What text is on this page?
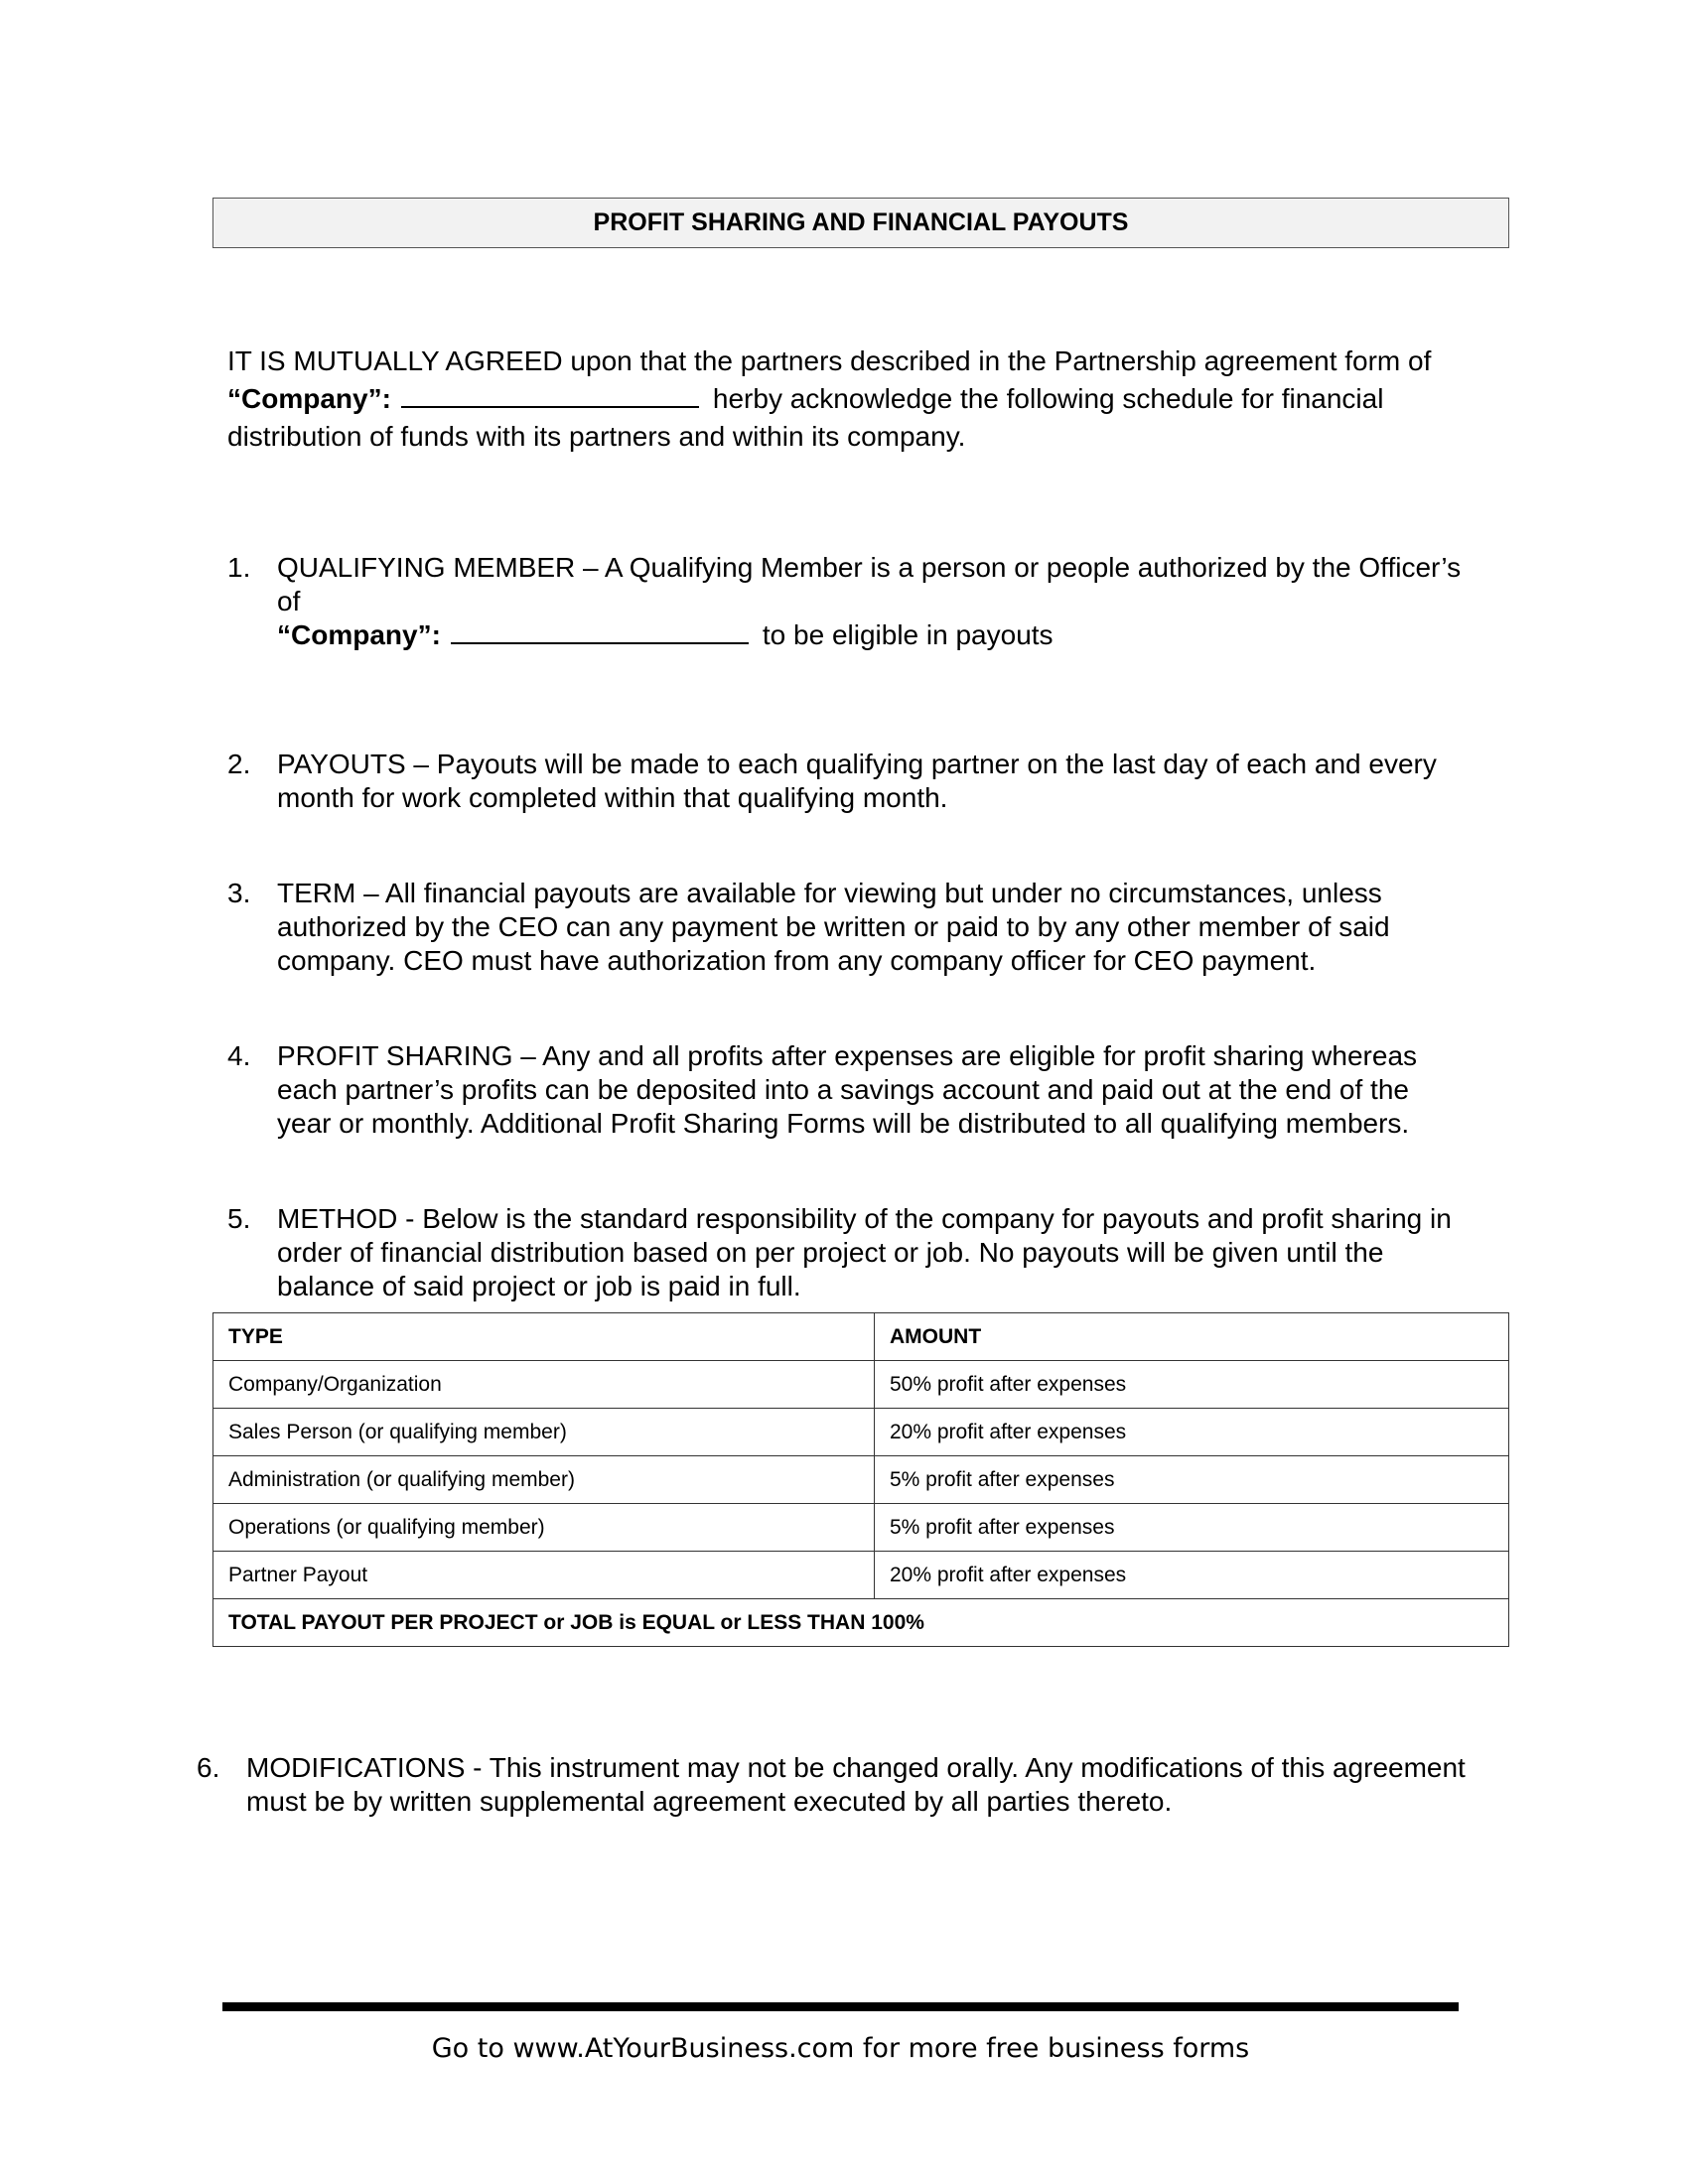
PROFIT SHARING AND FINANCIAL PAYOUTS
IT IS MUTUALLY AGREED upon that the partners described in the Partnership agreement form of
“Company”:	herby acknowledge the following schedule for financial
distribution of funds with its partners and within its company.
1. QUALIFYING MEMBER – A Qualifying Member is a person or people authorized by the Officer’s of
“Company”:	to be eligible in payouts
2. PAYOUTS – Payouts will be made to each qualifying partner on the last day of each and every month for work completed within that qualifying month.
3. TERM – All financial payouts are available for viewing but under no circumstances, unless authorized by the CEO can any payment be written or paid to by any other member of said company. CEO must have authorization from any company officer for CEO payment.
4. PROFIT SHARING – Any and all profits after expenses are eligible for profit sharing whereas each partner’s profits can be deposited into a savings account and paid out at the end of the year or monthly. Additional Profit Sharing Forms will be distributed to all qualifying members.
5. METHOD - Below is the standard responsibility of the company for payouts and profit sharing in order of financial distribution based on per project or job. No payouts will be given until the balance of said project or job is paid in full.
TYPE	AMOUNT
Company/Organization	50% profit after expenses
Sales Person (or qualifying member)	20% profit after expenses
Administration (or qualifying member)	5% profit after expenses
Operations (or qualifying member)	5% profit after expenses
Partner Payout	20% profit after expenses
TOTAL PAYOUT PER PROJECT or JOB is EQUAL or LESS THAN 100%	
6. MODIFICATIONS - This instrument may not be changed orally. Any modifications of this agreement must be by written supplemental agreement executed by all parties thereto.
Go to www.AtYourBusiness.com for more free business forms
